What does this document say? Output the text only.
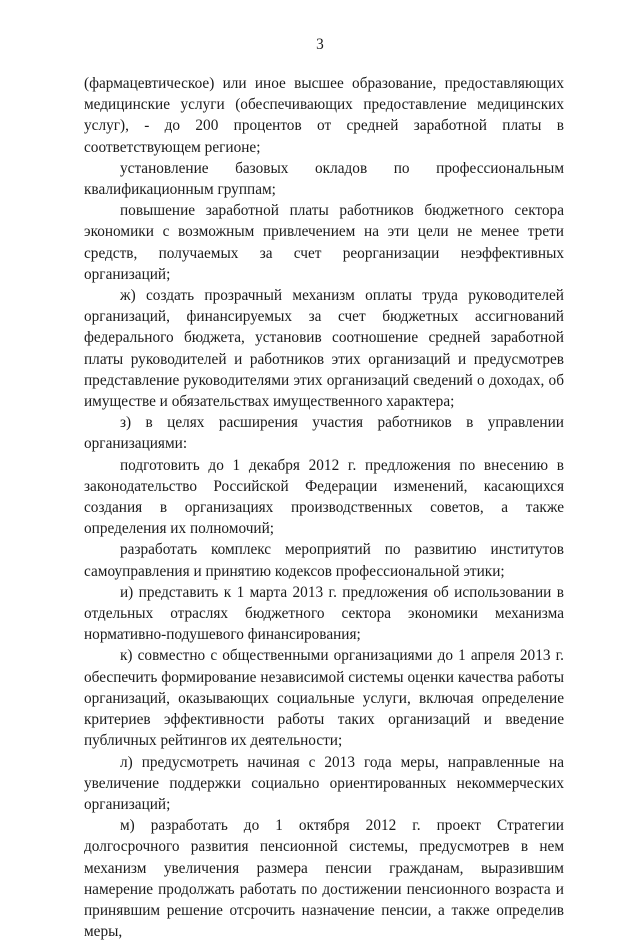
3

(фармацевтическое) или иное высшее образование, предоставляющих медицинские услуги (обеспечивающих предоставление медицинских услуг), - до 200 процентов от средней заработной платы в соответствующем регионе;

установление базовых окладов по профессиональным квалификационным группам;

повышение заработной платы работников бюджетного сектора экономики с возможным привлечением на эти цели не менее трети средств, получаемых за счет реорганизации неэффективных организаций;

ж) создать прозрачный механизм оплаты труда руководителей организаций, финансируемых за счет бюджетных ассигнований федерального бюджета, установив соотношение средней заработной платы руководителей и работников этих организаций и предусмотрев представление руководителями этих организаций сведений о доходах, об имуществе и обязательствах имущественного характера;

з) в целях расширения участия работников в управлении организациями:

подготовить до 1 декабря 2012 г. предложения по внесению в законодательство Российской Федерации изменений, касающихся создания в организациях производственных советов, а также определения их полномочий;

разработать комплекс мероприятий по развитию институтов самоуправления и принятию кодексов профессиональной этики;

и) представить к 1 марта 2013 г. предложения об использовании в отдельных отраслях бюджетного сектора экономики механизма нормативно-подушевого финансирования;

к) совместно с общественными организациями до 1 апреля 2013 г. обеспечить формирование независимой системы оценки качества работы организаций, оказывающих социальные услуги, включая определение критериев эффективности работы таких организаций и введение публичных рейтингов их деятельности;

л) предусмотреть начиная с 2013 года меры, направленные на увеличение поддержки социально ориентированных некоммерческих организаций;

м) разработать до 1 октября 2012 г. проект Стратегии долгосрочного развития пенсионной системы, предусмотрев в нем механизм увеличения размера пенсии гражданам, выразившим намерение продолжать работать по достижении пенсионного возраста и принявшим решение отсрочить назначение пенсии, а также определив меры,
